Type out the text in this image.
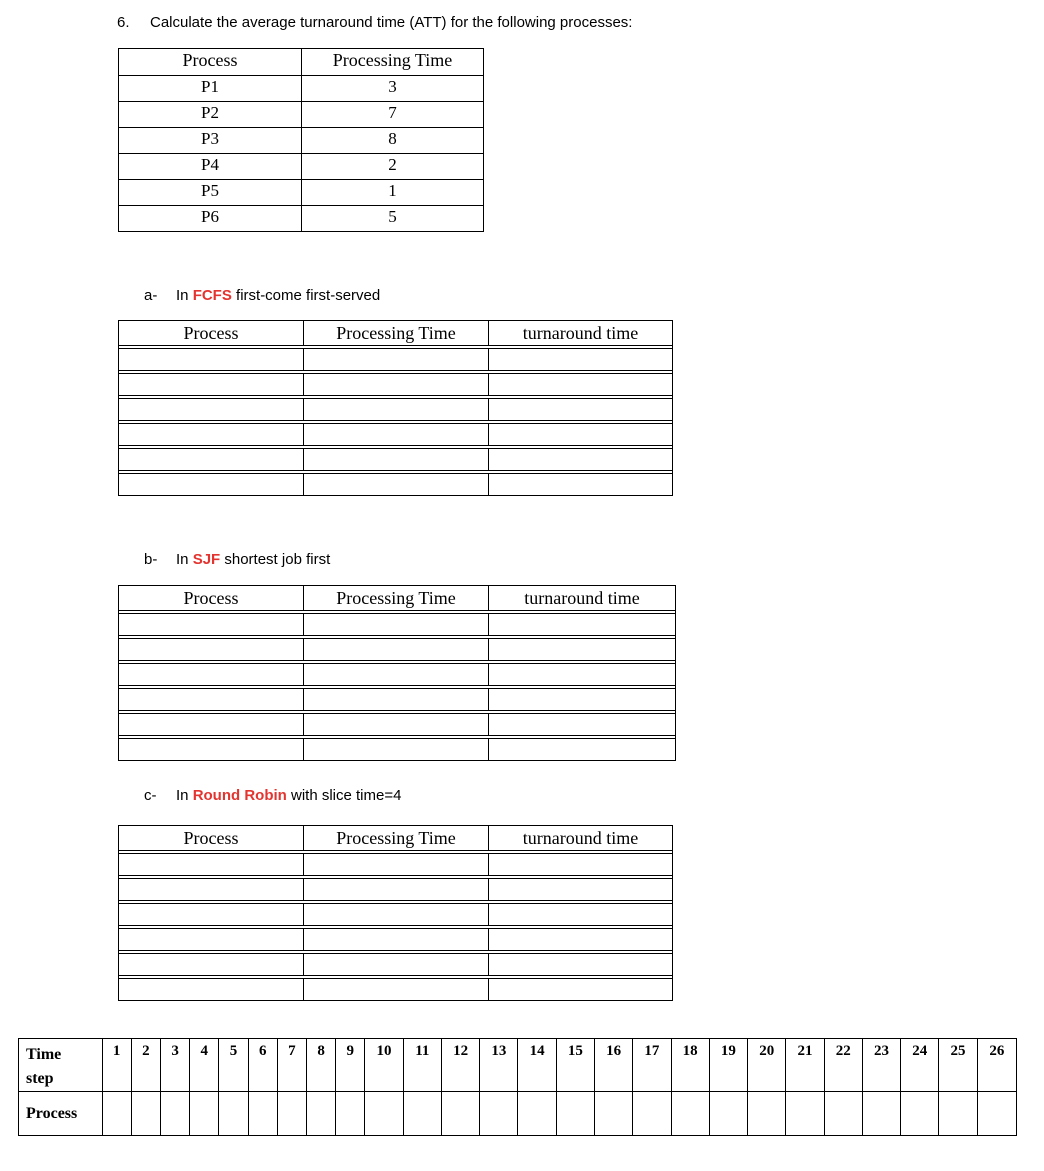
6. Calculate the average turnaround time (ATT) for the following processes:
Process	Processing Time
P1	3
P2	7
P3	8
P4	2
P5	1
P6	5
a- In FCFS first-come first-served
Process	Processing Time	turnaround time

b- In SJF shortest job first
Process	Processing Time	turnaround time

c- In Round Robin with slice time=4
Process	Processing Time	turnaround time

Time
step	1	2	3	4	5	6	7	8	9	10	11	12	13	14	15	16	17	18	19	20	21	22	23	24	25	26
Process																										
